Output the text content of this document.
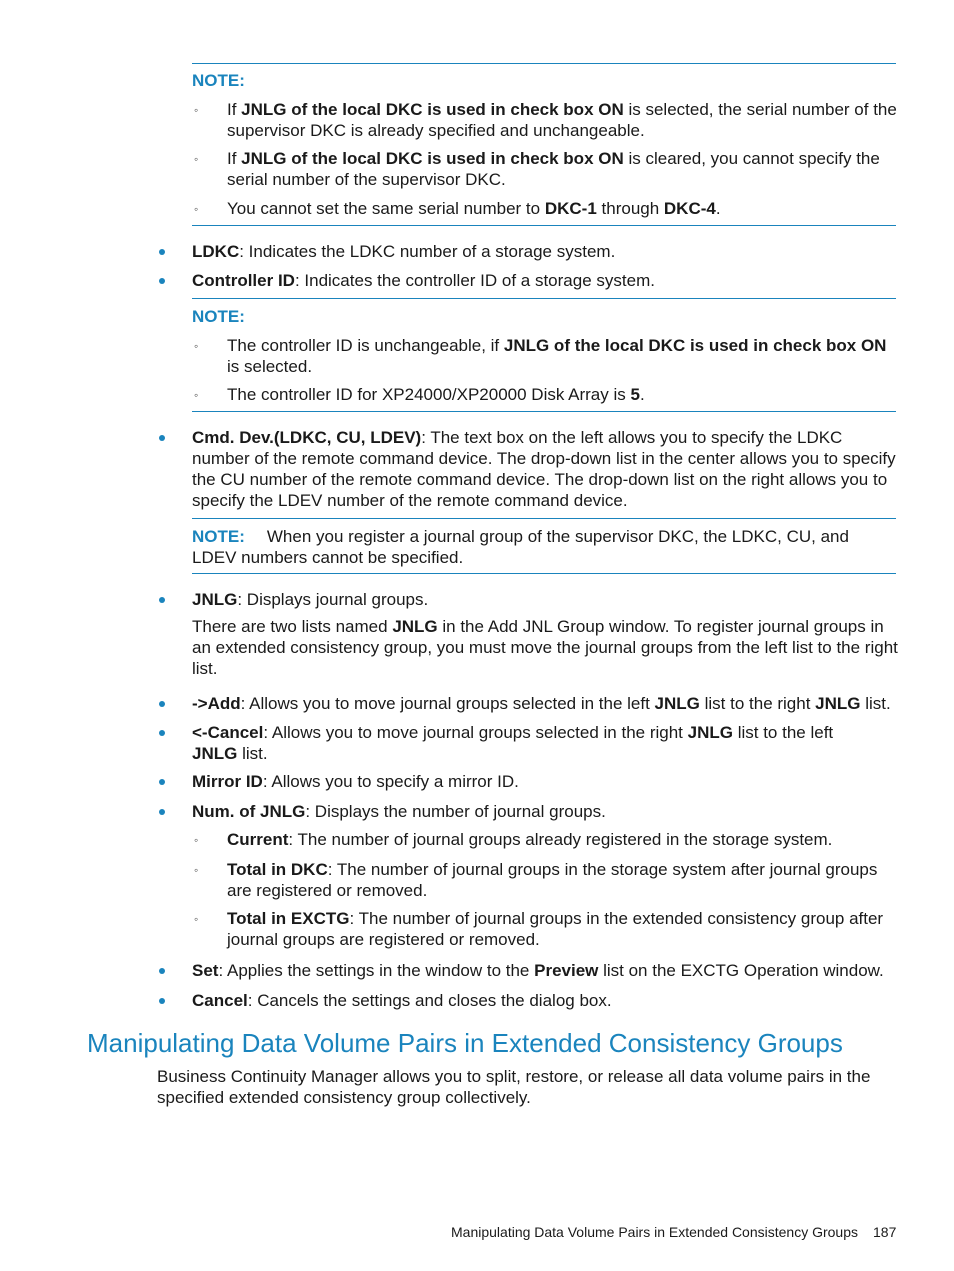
NOTE:
◦ If JNLG of the local DKC is used in check box ON is selected, the serial number of the supervisor DKC is already specified and unchangeable.
◦ If JNLG of the local DKC is used in check box ON is cleared, you cannot specify the serial number of the supervisor DKC.
◦ You cannot set the same serial number to DKC-1 through DKC-4.
LDKC: Indicates the LDKC number of a storage system.
Controller ID: Indicates the controller ID of a storage system.
NOTE:
◦ The controller ID is unchangeable, if JNLG of the local DKC is used in check box ON is selected.
◦ The controller ID for XP24000/XP20000 Disk Array is 5.
Cmd. Dev.(LDKC, CU, LDEV): The text box on the left allows you to specify the LDKC number of the remote command device. The drop-down list in the center allows you to specify the CU number of the remote command device. The drop-down list on the right allows you to specify the LDEV number of the remote command device.
NOTE: When you register a journal group of the supervisor DKC, the LDKC, CU, and LDEV numbers cannot be specified.
JNLG: Displays journal groups.
There are two lists named JNLG in the Add JNL Group window. To register journal groups in an extended consistency group, you must move the journal groups from the left list to the right list.
->Add: Allows you to move journal groups selected in the left JNLG list to the right JNLG list.
<-Cancel: Allows you to move journal groups selected in the right JNLG list to the left JNLG list.
Mirror ID: Allows you to specify a mirror ID.
Num. of JNLG: Displays the number of journal groups.
◦ Current: The number of journal groups already registered in the storage system.
◦ Total in DKC: The number of journal groups in the storage system after journal groups are registered or removed.
◦ Total in EXCTG: The number of journal groups in the extended consistency group after journal groups are registered or removed.
Set: Applies the settings in the window to the Preview list on the EXCTG Operation window.
Cancel: Cancels the settings and closes the dialog box.
Manipulating Data Volume Pairs in Extended Consistency Groups
Business Continuity Manager allows you to split, restore, or release all data volume pairs in the specified extended consistency group collectively.
Manipulating Data Volume Pairs in Extended Consistency Groups 187
